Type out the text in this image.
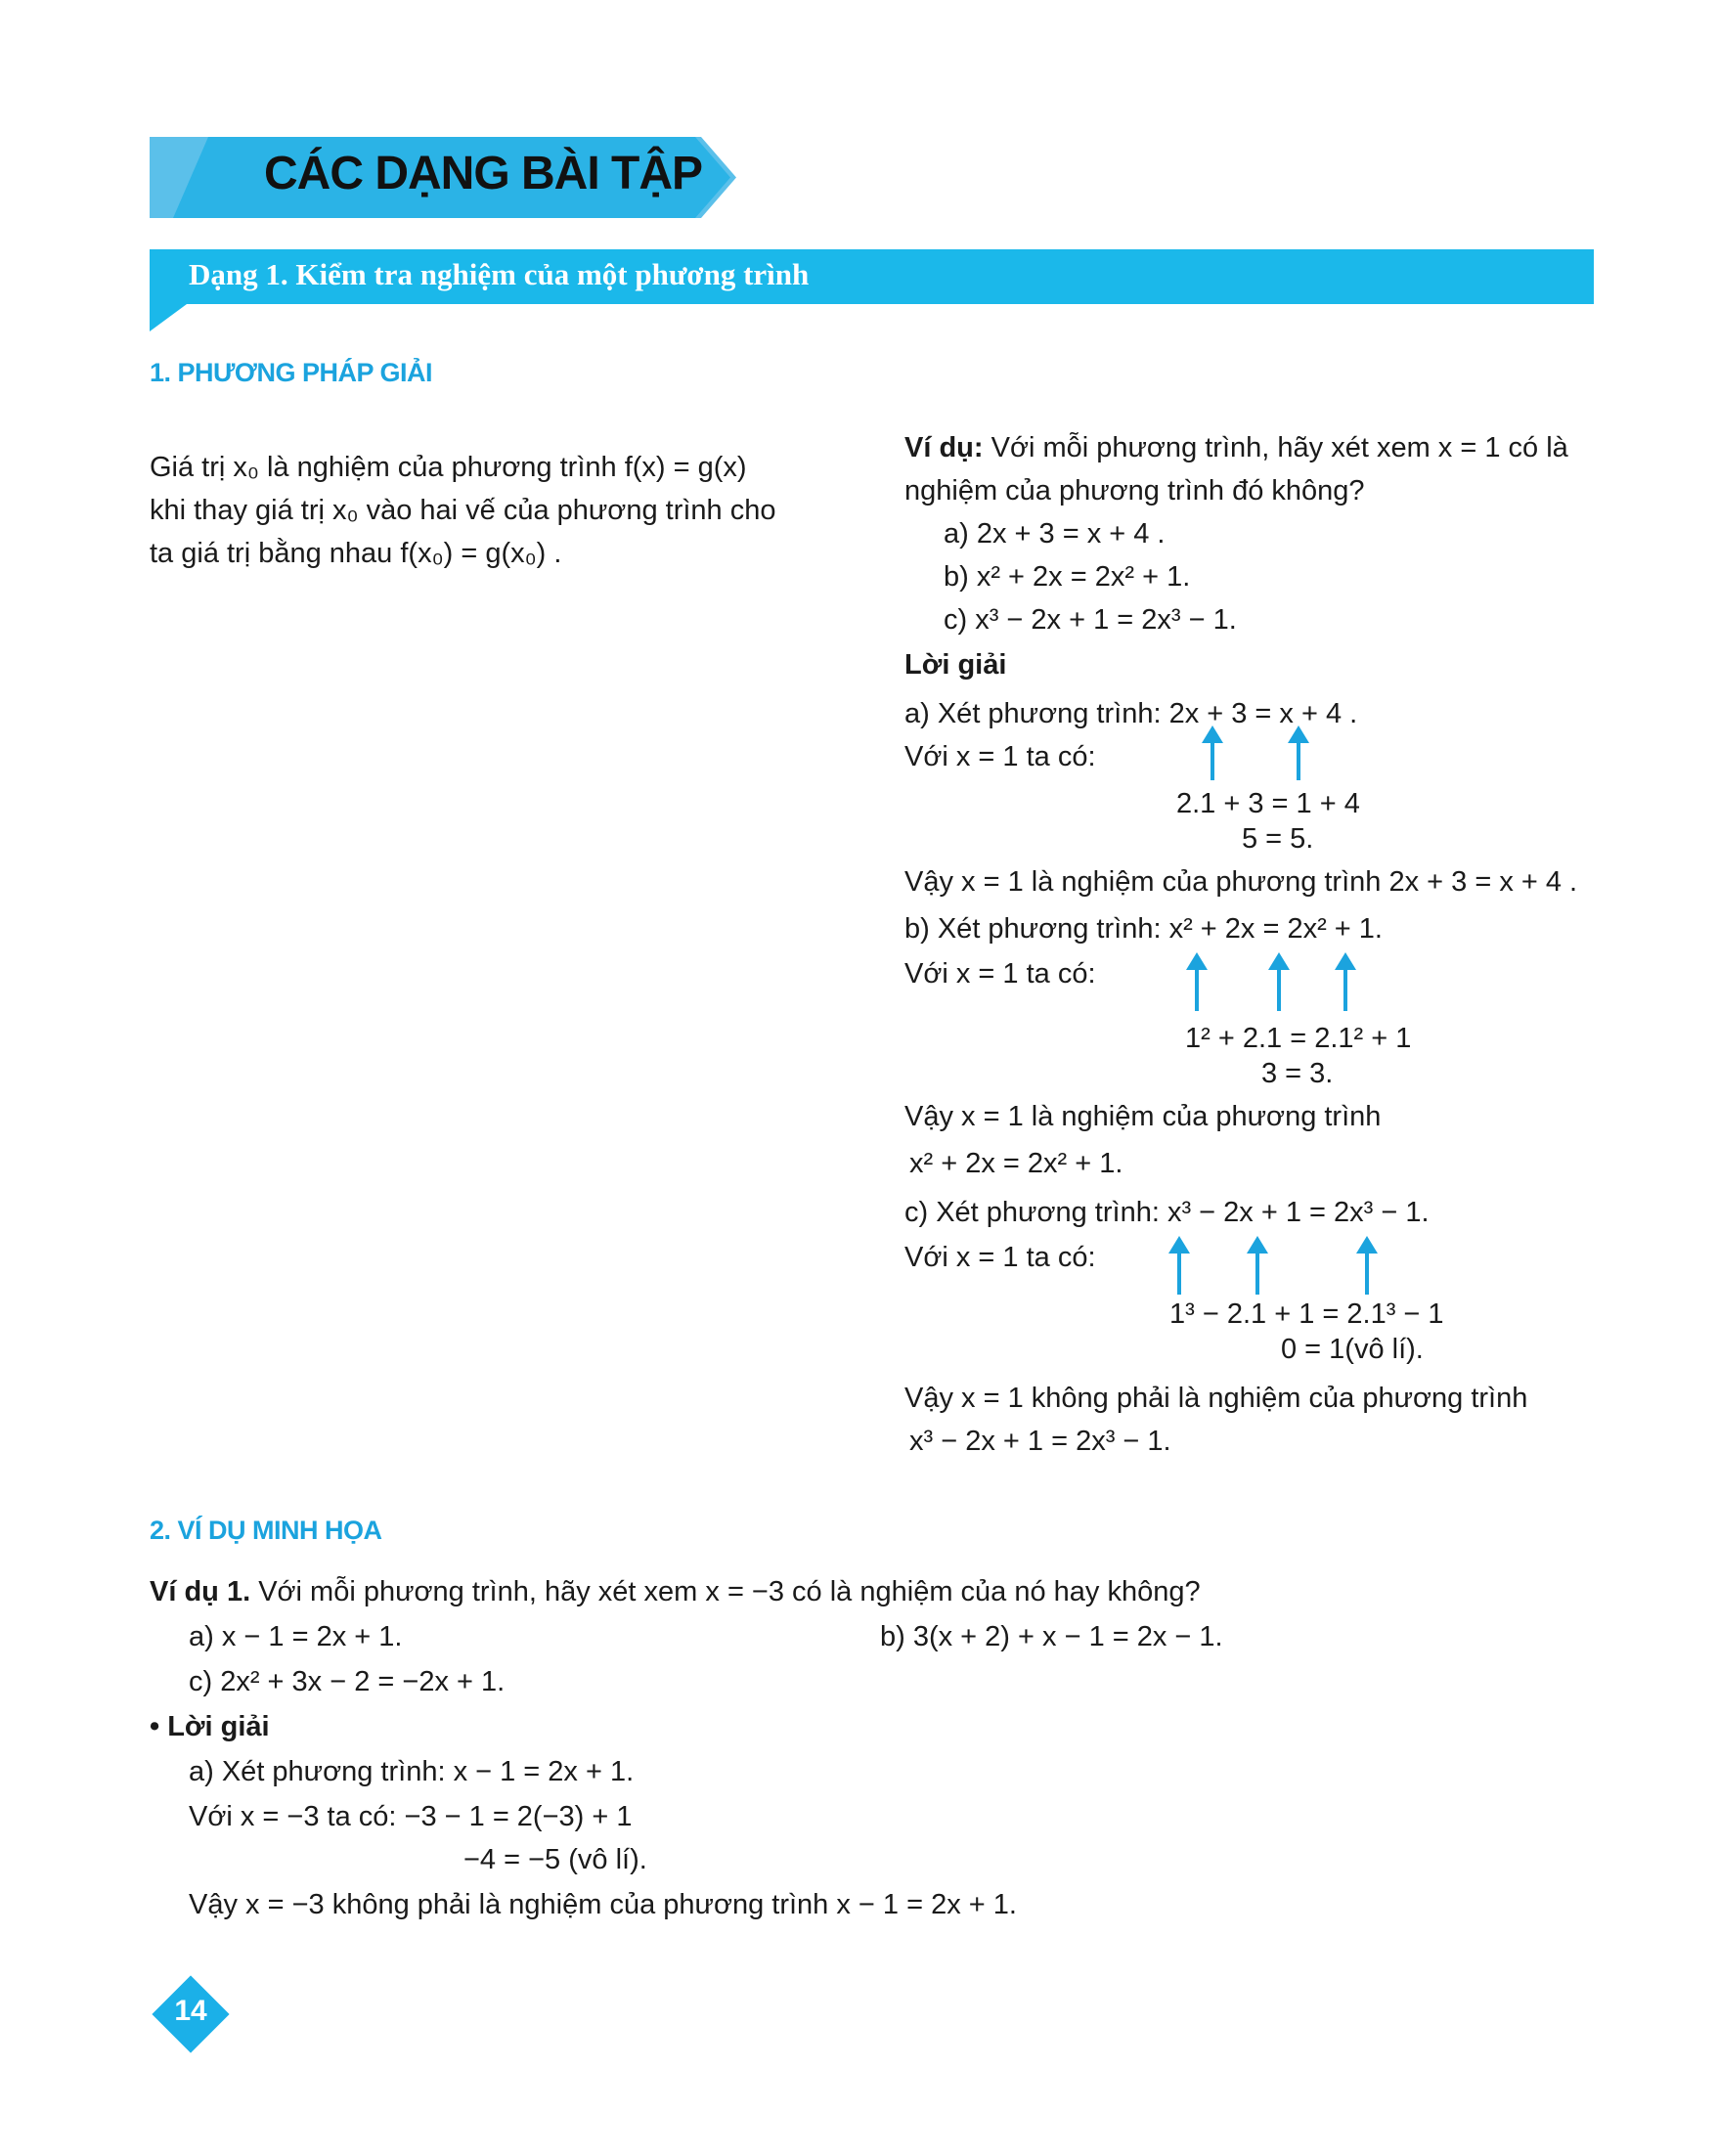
CÁC DẠNG BÀI TẬP
Dạng 1. Kiểm tra nghiệm của một phương trình
1. PHƯƠNG PHÁP GIẢI
Giá trị x₀ là nghiệm của phương trình f(x) = g(x)
khi thay giá trị x₀ vào hai vế của phương trình cho
ta giá trị bằng nhau f(x₀) = g(x₀) .
Ví dụ: Với mỗi phương trình, hãy xét xem x = 1 có là
nghiệm của phương trình đó không?
a) 2x + 3 = x + 4 .
b) x² + 2x = 2x² + 1.
c) x³ − 2x + 1 = 2x³ − 1.
Lời giải
a) Xét phương trình: 2x + 3 = x + 4 .
Với x = 1 ta có:
2.1 + 3 = 1 + 4
5 = 5.
Vậy x = 1 là nghiệm của phương trình 2x + 3 = x + 4 .
b) Xét phương trình: x² + 2x = 2x² + 1.
Với x = 1 ta có:
1² + 2.1 = 2.1² + 1
3 = 3.
Vậy x = 1 là nghiệm của phương trình
x² + 2x = 2x² + 1.
c) Xét phương trình: x³ − 2x + 1 = 2x³ − 1.
Với x = 1 ta có:
1³ − 2.1 + 1 = 2.1³ − 1
0 = 1(vô lí).
Vậy x = 1 không phải là nghiệm của phương trình
x³ − 2x + 1 = 2x³ − 1.
2. VÍ DỤ MINH HỌA
Ví dụ 1. Với mỗi phương trình, hãy xét xem x = −3 có là nghiệm của nó hay không?
a) x − 1 = 2x + 1.	b) 3(x + 2) + x − 1 = 2x − 1.
c) 2x² + 3x − 2 = −2x + 1.
• Lời giải
a) Xét phương trình: x − 1 = 2x + 1.
Với x = −3 ta có: −3 − 1 = 2(−3) + 1
−4 = −5 (vô lí).
Vậy x = −3 không phải là nghiệm của phương trình x − 1 = 2x + 1.
14
